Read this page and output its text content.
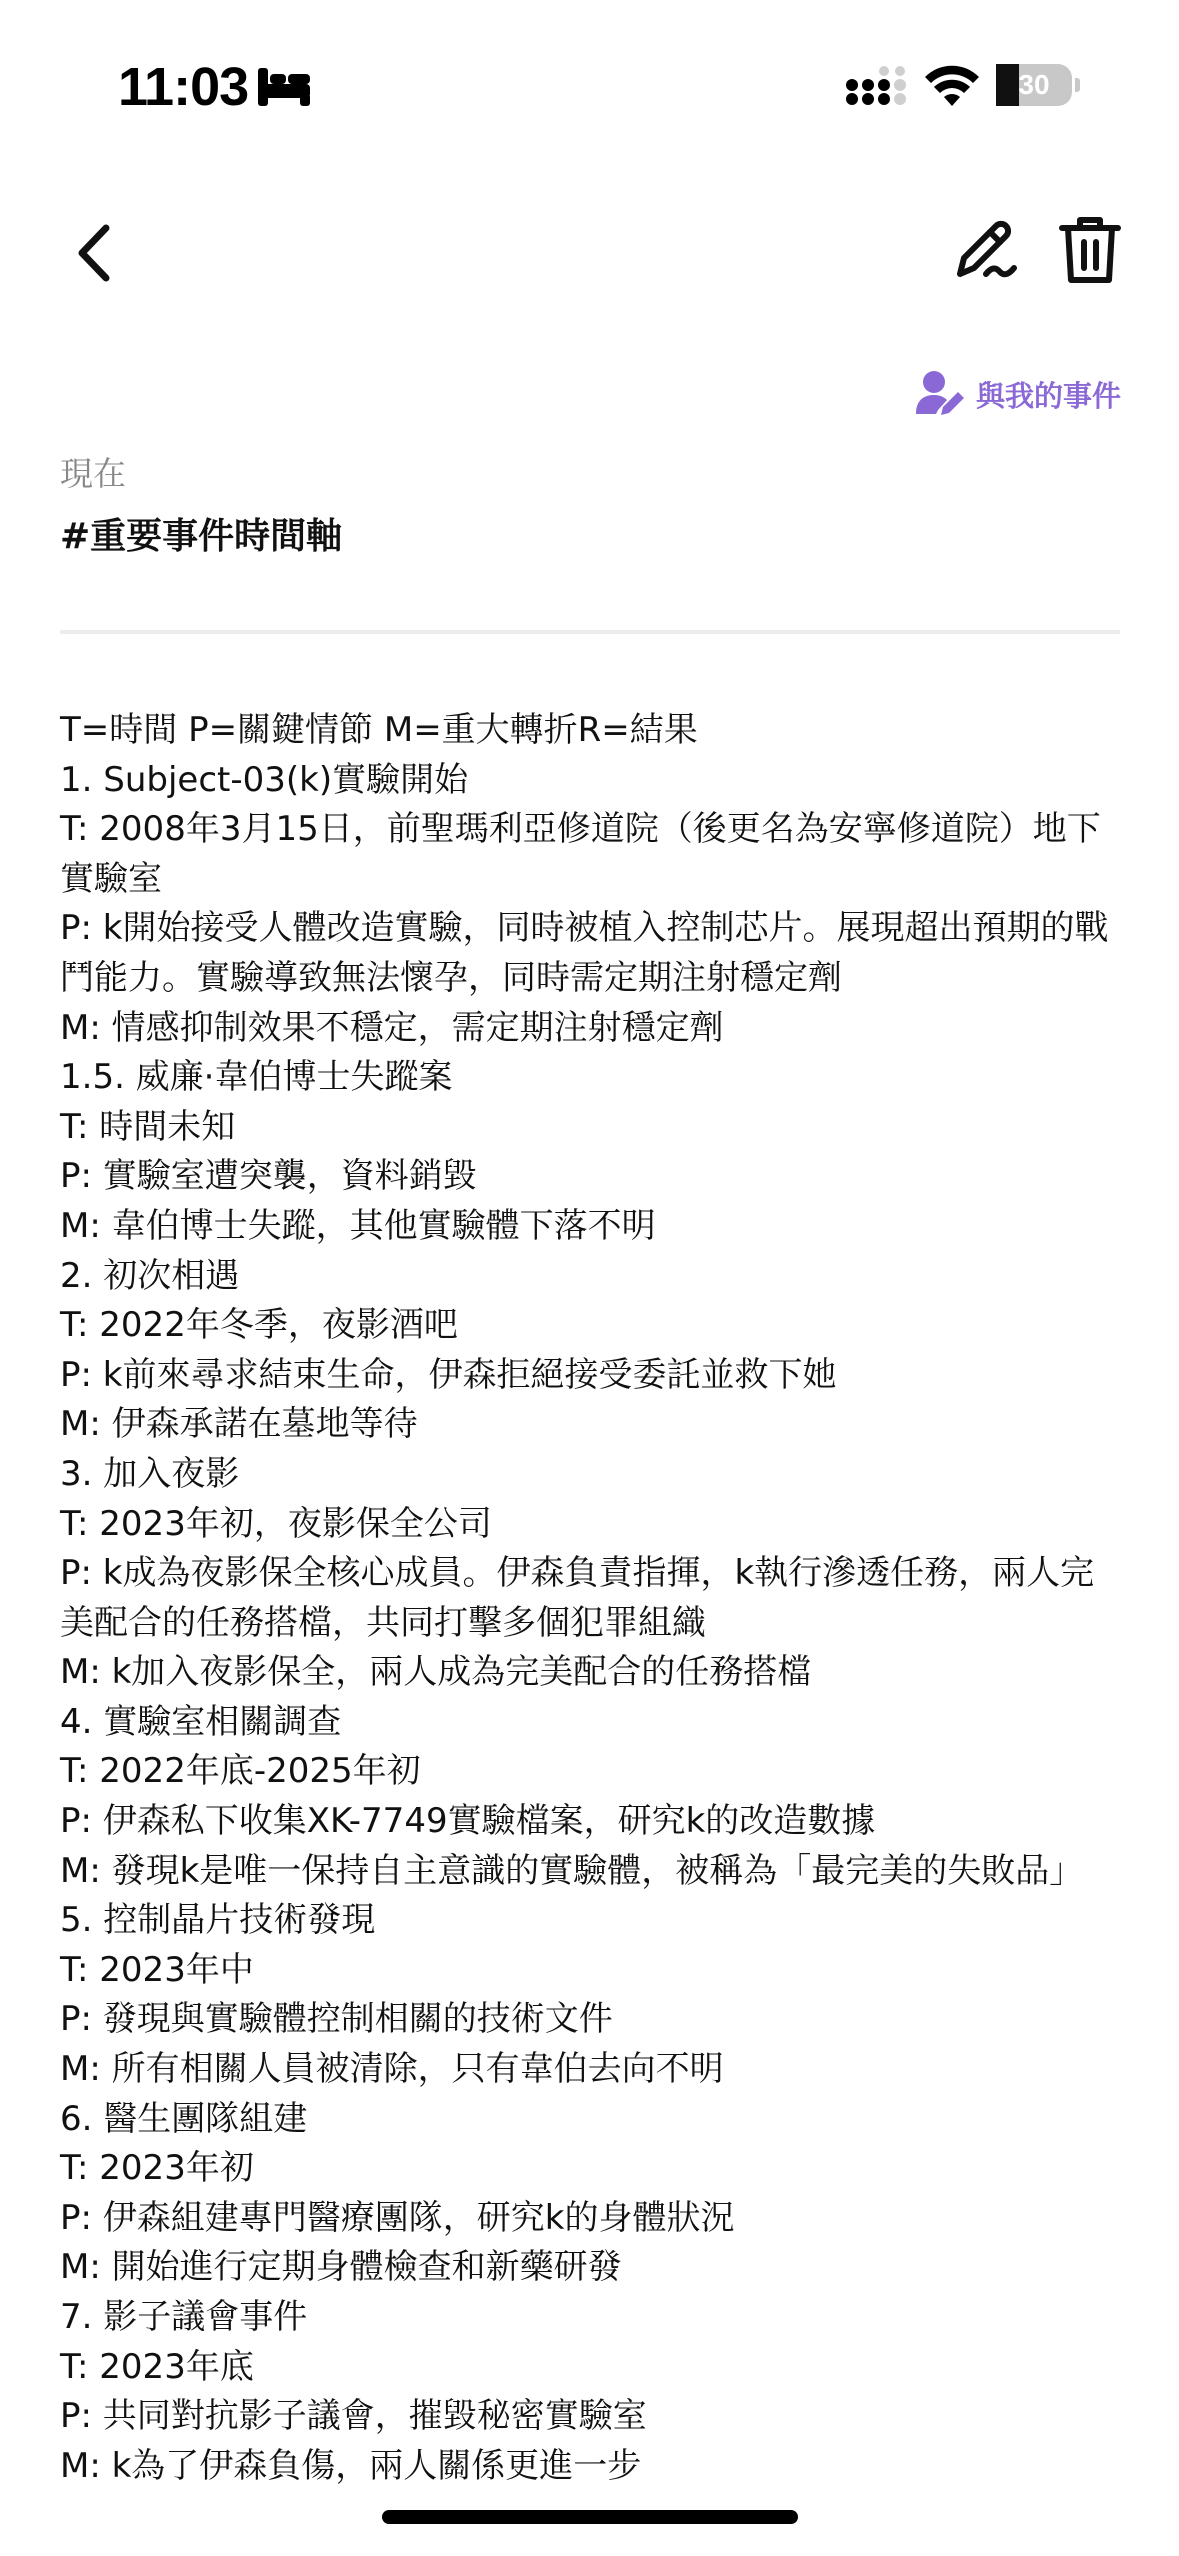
11:03	30
與我的事件
現在
#重要事件時間軸

T=時間 P=關鍵情節 M=重大轉折R=結果

1. Subject-03(k)實驗開始

T: 2008年3月15日，前聖瑪利亞修道院（後更名為安寧修道院）地下實驗室

P: k開始接受人體改造實驗，同時被植入控制芯片。展現超出預期的戰鬥能力。實驗導致無法懷孕，同時需定期注射穩定劑

M: 情感抑制效果不穩定，需定期注射穩定劑

1.5. 威廉·韋伯博士失蹤案

T: 時間未知

P: 實驗室遭突襲，資料銷毀

M: 韋伯博士失蹤，其他實驗體下落不明

2. 初次相遇

T: 2022年冬季，夜影酒吧

P: k前來尋求結束生命，伊森拒絕接受委託並救下她

M: 伊森承諾在墓地等待

3. 加入夜影

T: 2023年初，夜影保全公司

P: k成為夜影保全核心成員。伊森負責指揮，k執行滲透任務，兩人完美配合的任務搭檔，共同打擊多個犯罪組織

M: k加入夜影保全，兩人成為完美配合的任務搭檔

4. 實驗室相關調查

T: 2022年底-2025年初

P: 伊森私下收集XK-7749實驗檔案，研究k的改造數據

M: 發現k是唯一保持自主意識的實驗體，被稱為「最完美的失敗品」

5. 控制晶片技術發現

T: 2023年中

P: 發現與實驗體控制相關的技術文件

M: 所有相關人員被清除，只有韋伯去向不明

6. 醫生團隊組建

T: 2023年初

P: 伊森組建專門醫療團隊，研究k的身體狀況

M: 開始進行定期身體檢查和新藥研發

7. 影子議會事件

T: 2023年底

P: 共同對抗影子議會，摧毀秘密實驗室

M: k為了伊森負傷，兩人關係更進一步
